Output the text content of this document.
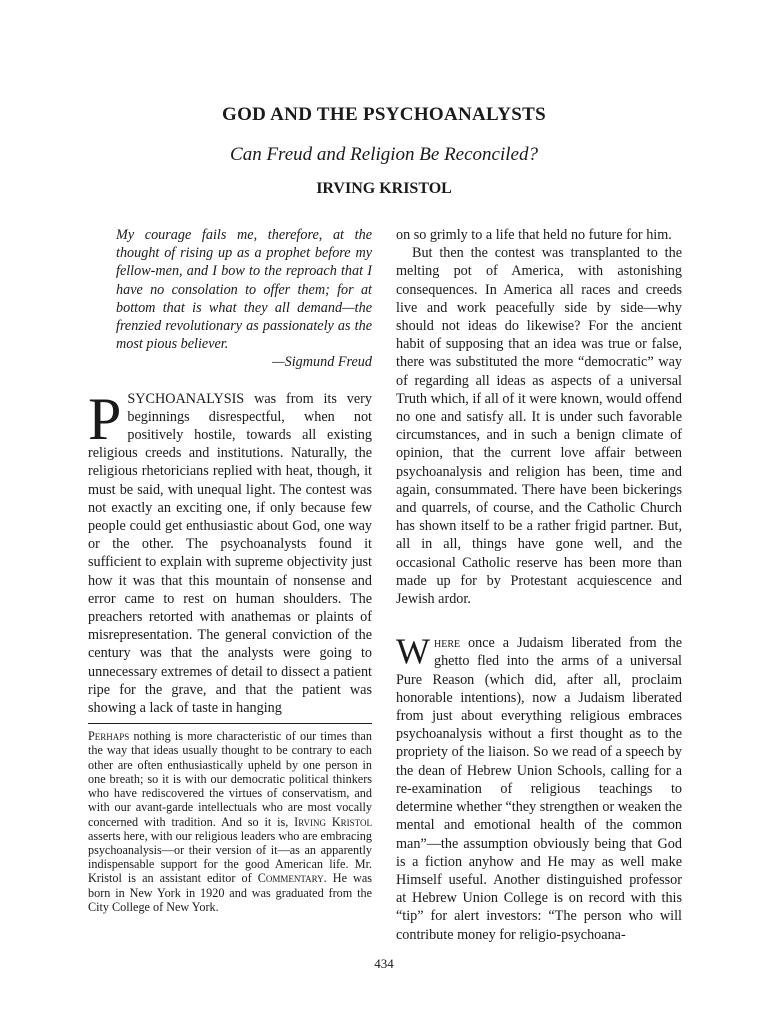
GOD AND THE PSYCHOANALYSTS
Can Freud and Religion Be Reconciled?
IRVING KRISTOL

My courage fails me, therefore, at the thought of rising up as a prophet before my fellow-men, and I bow to the reproach that I have no consolation to offer them; for at bottom that is what they all demand—the frenzied revolutionary as passionately as the most pious believer.

—Sigmund Freud

PSYCHOANALYSIS was from its very beginnings disrespectful, when not positively hostile, towards all existing religious creeds and institutions. Naturally, the religious rhetoricians replied with heat, though, it must be said, with unequal light. The contest was not exactly an exciting one, if only because few people could get enthusiastic about God, one way or the other. The psychoanalysts found it sufficient to explain with supreme objectivity just how it was that this mountain of nonsense and error came to rest on human shoulders. The preachers retorted with anathemas or plaints of misrepresentation. The general conviction of the century was that the analysts were going to unnecessary extremes of detail to dissect a patient ripe for the grave, and that the patient was showing a lack of taste in hanging

Perhaps nothing is more characteristic of our times than the way that ideas usually thought to be contrary to each other are often enthusiastically upheld by one person in one breath; so it is with our democratic political thinkers who have rediscovered the virtues of conservatism, and with our avant-garde intellectuals who are most vocally concerned with tradition. And so it is, Irving Kristol asserts here, with our religious leaders who are embracing psychoanalysis—or their version of it—as an apparently indispensable support for the good American life. Mr. Kristol is an assistant editor of Commentary. He was born in New York in 1920 and was graduated from the City College of New York.

on so grimly to a life that held no future for him.

But then the contest was transplanted to the melting pot of America, with astonishing consequences. In America all races and creeds live and work peacefully side by side—why should not ideas do likewise? For the ancient habit of supposing that an idea was true or false, there was substituted the more “democratic” way of regarding all ideas as aspects of a universal Truth which, if all of it were known, would offend no one and satisfy all. It is under such favorable circumstances, and in such a benign climate of opinion, that the current love affair between psychoanalysis and religion has been, time and again, consummated. There have been bickerings and quarrels, of course, and the Catholic Church has shown itself to be a rather frigid partner. But, all in all, things have gone well, and the occasional Catholic reserve has been more than made up for by Protestant acquiescence and Jewish ardor.

Where once a Judaism liberated from the ghetto fled into the arms of a universal Pure Reason (which did, after all, proclaim honorable intentions), now a Judaism liberated from just about everything religious embraces psychoanalysis without a first thought as to the propriety of the liaison. So we read of a speech by the dean of Hebrew Union Schools, calling for a re-examination of religious teachings to determine whether “they strengthen or weaken the mental and emotional health of the common man”—the assumption obviously being that God is a fiction anyhow and He may as well make Himself useful. Another distinguished professor at Hebrew Union College is on record with this “tip” for alert investors: “The person who will contribute money for religio-psychoana-

434
